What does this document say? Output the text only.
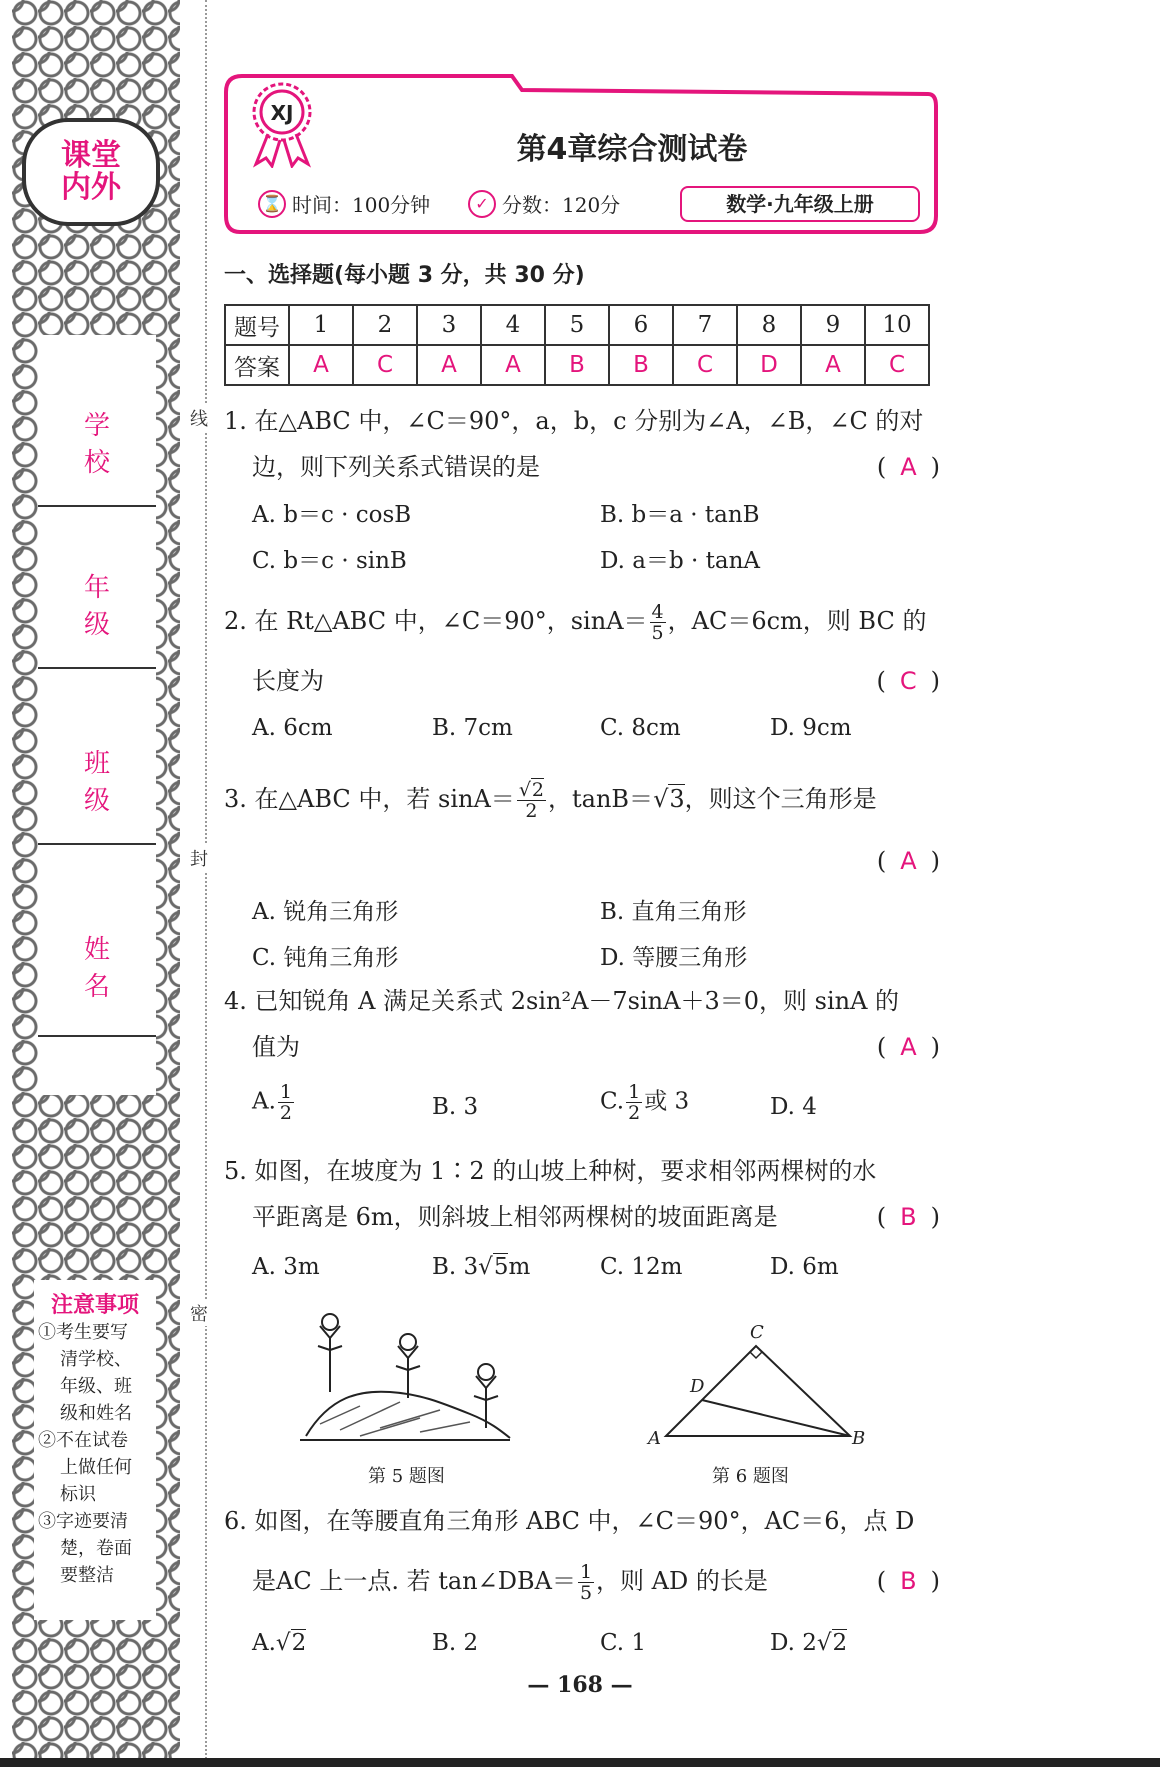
课堂
内外
学 校
年 级
班 级
姓 名
注意事项
①考生要写
清学校、
年级、班
级和姓名
②不在试卷
上做任何
标识
③字迹要清
楚，卷面
要整洁
线
封
密
XJ
第4章综合测试卷
⌛ 时间：100分钟	✓ 分数：120分	数学·九年级上册
一、选择题(每小题 3 分，共 30 分)
题号	1	2	3	4	5	6	7	8	9	10
答案	A	C	A	A	B	B	C	D	A	C
1. 在△ABC 中，∠C＝90°，a，b，c 分别为∠A，∠B，∠C 的对
边，则下列关系式错误的是	( A )
A. b＝c · cosB	B. b＝a · tanB
C. b＝c · sinB	D. a＝b · tanA
2. 在 Rt△ABC 中，∠C＝90°，$\sin A= \frac{4}{5}$ ，AC＝6cm，则 BC 的
长度为	( C )
A. 6cm	B. 7cm	C. 8cm	D. 9cm
3. 在△ABC 中，若 $\sin A= \frac{√2}{2}$ ，tanB＝√3，则这个三角形是
( A )
A. 锐角三角形	B. 直角三角形
C. 钝角三角形	D. 等腰三角形
4. 已知锐角 A 满足关系式 2sin²A－7sinA＋3＝0，则 sinA 的
值为	( A )
A. $\frac{1}{2}$	B. 3	C. $\frac{1}{2}$ 或 3	D. 4
5. 如图，在坡度为 1∶2 的山坡上种树，要求相邻两棵树的水
平距离是 6m，则斜坡上相邻两棵树的坡面距离是	( B )
A. 3m	B. 3√5m	C. 12m	D. 6m
第 5 题图
A	B
C
D
第 6 题图
6. 如图，在等腰直角三角形 ABC 中，∠C＝90°，AC＝6，点 D
是AC 上一点. 若 tan∠DBA＝ $\frac{1}{5}$ ，则 AD 的长是	( B )
A.√2	B. 2	C. 1	D. 2√2
— 168 —
